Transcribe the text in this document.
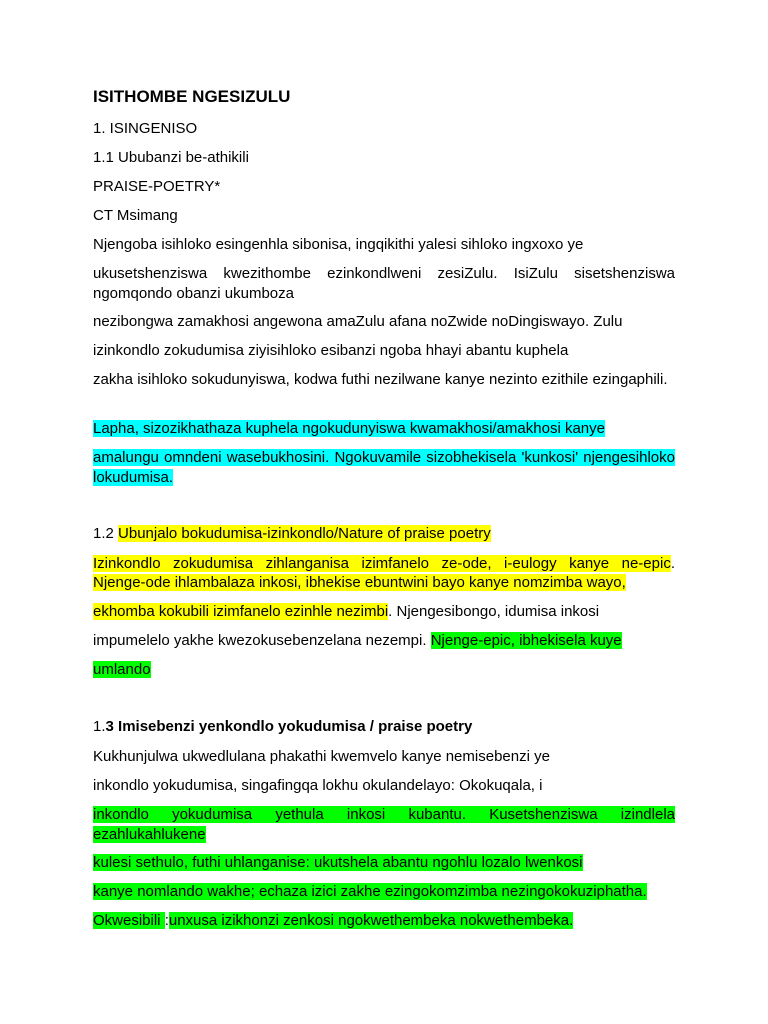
ISITHOMBE NGESIZULU

1. ISINGENISO

1.1 Ububanzi be-athikili

PRAISE-POETRY*

CT Msimang

Njengoba isihloko esingenhla sibonisa, ingqikithi yalesi sihloko ingxoxo ye

ukusetshenziswa kwezithombe ezinkondlweni zesiZulu. IsiZulu sisetshenziswa ngomqondo obanzi ukumboza

nezibongwa zamakhosi angewona amaZulu afana noZwide noDingiswayo. Zulu

izinkondlo zokudumisa ziyisihloko esibanzi ngoba hhayi abantu kuphela

zakha isihloko sokudunyiswa, kodwa futhi nezilwane kanye nezinto ezithile ezingaphili.

Lapha, sizozikhathaza kuphela ngokudunyiswa kwamakhosi/amakhosi kanye

amalungu omndeni wasebukhosini. Ngokuvamile sizobhekisela 'kunkosi' njengesihloko lokudumisa.

1.2 Ubunjalo bokudumisa-izinkondlo/Nature of praise poetry

Izinkondlo zokudumisa zihlanganisa izimfanelo ze-ode, i-eulogy kanye ne-epic.

Njenge-ode ihlambalaza inkosi, ibhekise ebuntwini bayo kanye nomzimba wayo,

ekhomba kokubili izimfanelo ezinhle nezimbi. Njengesibongo, idumisa inkosi

impumelelo yakhe kwezokusebenzelana nezempi. Njenge-epic, ibhekisela kuye

umlando

1.3 Imisebenzi yenkondlo yokudumisa / praise poetry

Kukhunjulwa ukwedlulana phakathi kwemvelo kanye nemisebenzi ye

inkondlo yokudumisa, singafingqa lokhu okulandelayo: Okokuqala, i

inkondlo yokudumisa yethula inkosi kubantu. Kusetshenziswa izindlela ezahlukahlukene

kulesi sethulo, futhi uhlanganise: ukutshela abantu ngohlu lozalo lwenkosi

kanye nomlando wakhe; echaza izici zakhe ezingokomzimba nezingokokuziphatha.

Okwesibili :unxusa izikhonzi zenkosi ngokwethembeka nokwethembeka.
